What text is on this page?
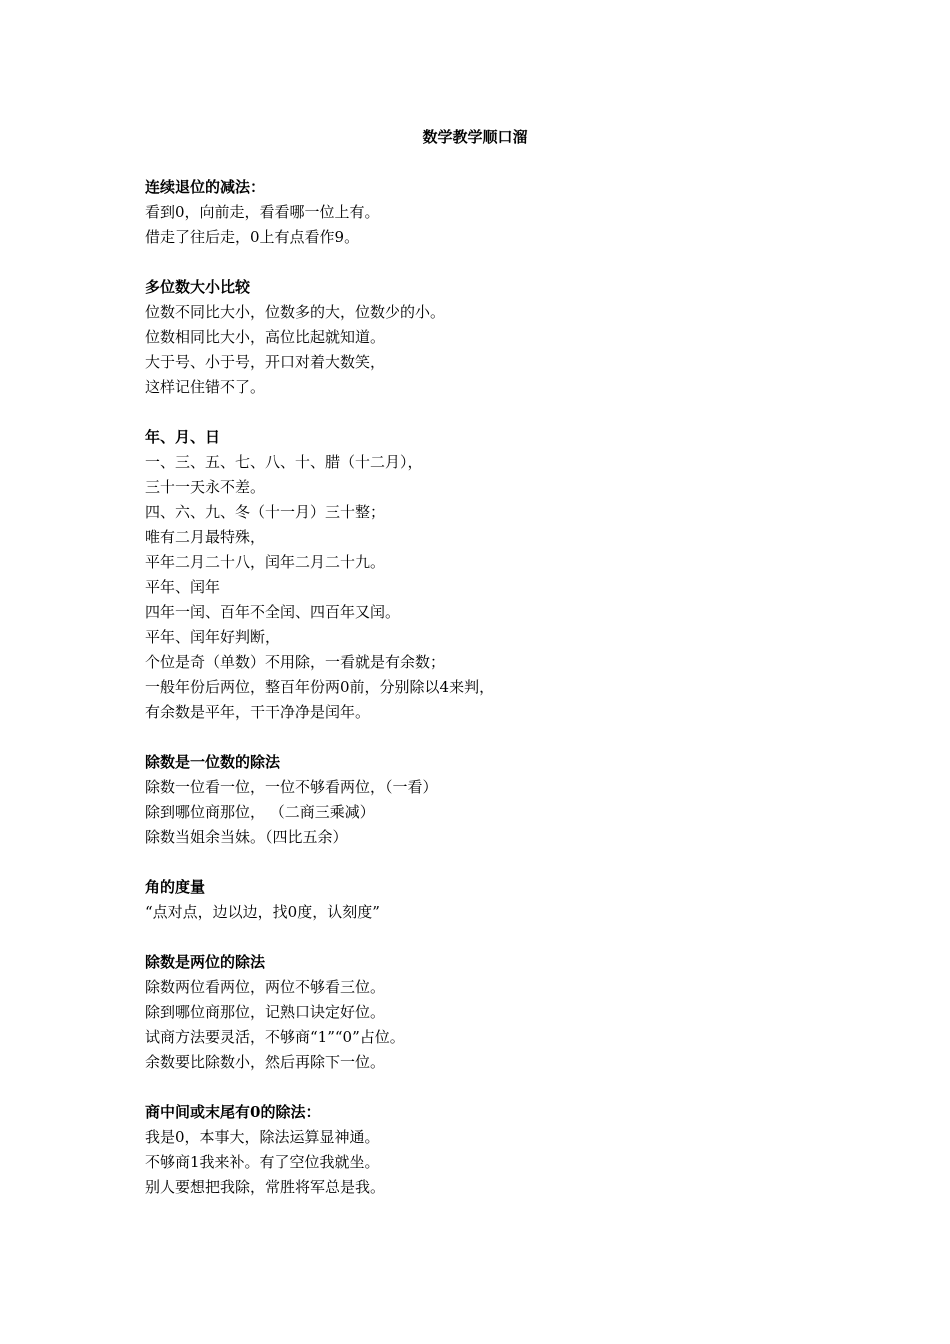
数学教学顺口溜
连续退位的减法：
看到0，向前走，看看哪一位上有。
借走了往后走，0上有点看作9。
多位数大小比较
位数不同比大小，位数多的大，位数少的小。
位数相同比大小，高位比起就知道。
大于号、小于号，开口对着大数笑，
这样记住错不了。
年、月、日
一、三、五、七、八、十、腊（十二月），
三十一天永不差。
四、六、九、冬（十一月）三十整；
唯有二月最特殊，
平年二月二十八，闰年二月二十九。
平年、闰年
四年一闰、百年不全闰、四百年又闰。
平年、闰年好判断，
个位是奇（单数）不用除，一看就是有余数；
一般年份后两位，整百年份两0前，分别除以4来判，
有余数是平年，干干净净是闰年。
除数是一位数的除法
除数一位看一位，一位不够看两位，（一看）
除到哪位商那位， （二商三乘减）
除数当姐余当妹。（四比五余）
角的度量
“点对点，边以边，找0度，认刻度”
除数是两位的除法
除数两位看两位，两位不够看三位。
除到哪位商那位，记熟口诀定好位。
试商方法要灵活，不够商“1”“0”占位。
余数要比除数小，然后再除下一位。
商中间或末尾有0的除法：
我是0，本事大，除法运算显神通。
不够商1我来补。有了空位我就坐。
别人要想把我除，常胜将军总是我。
